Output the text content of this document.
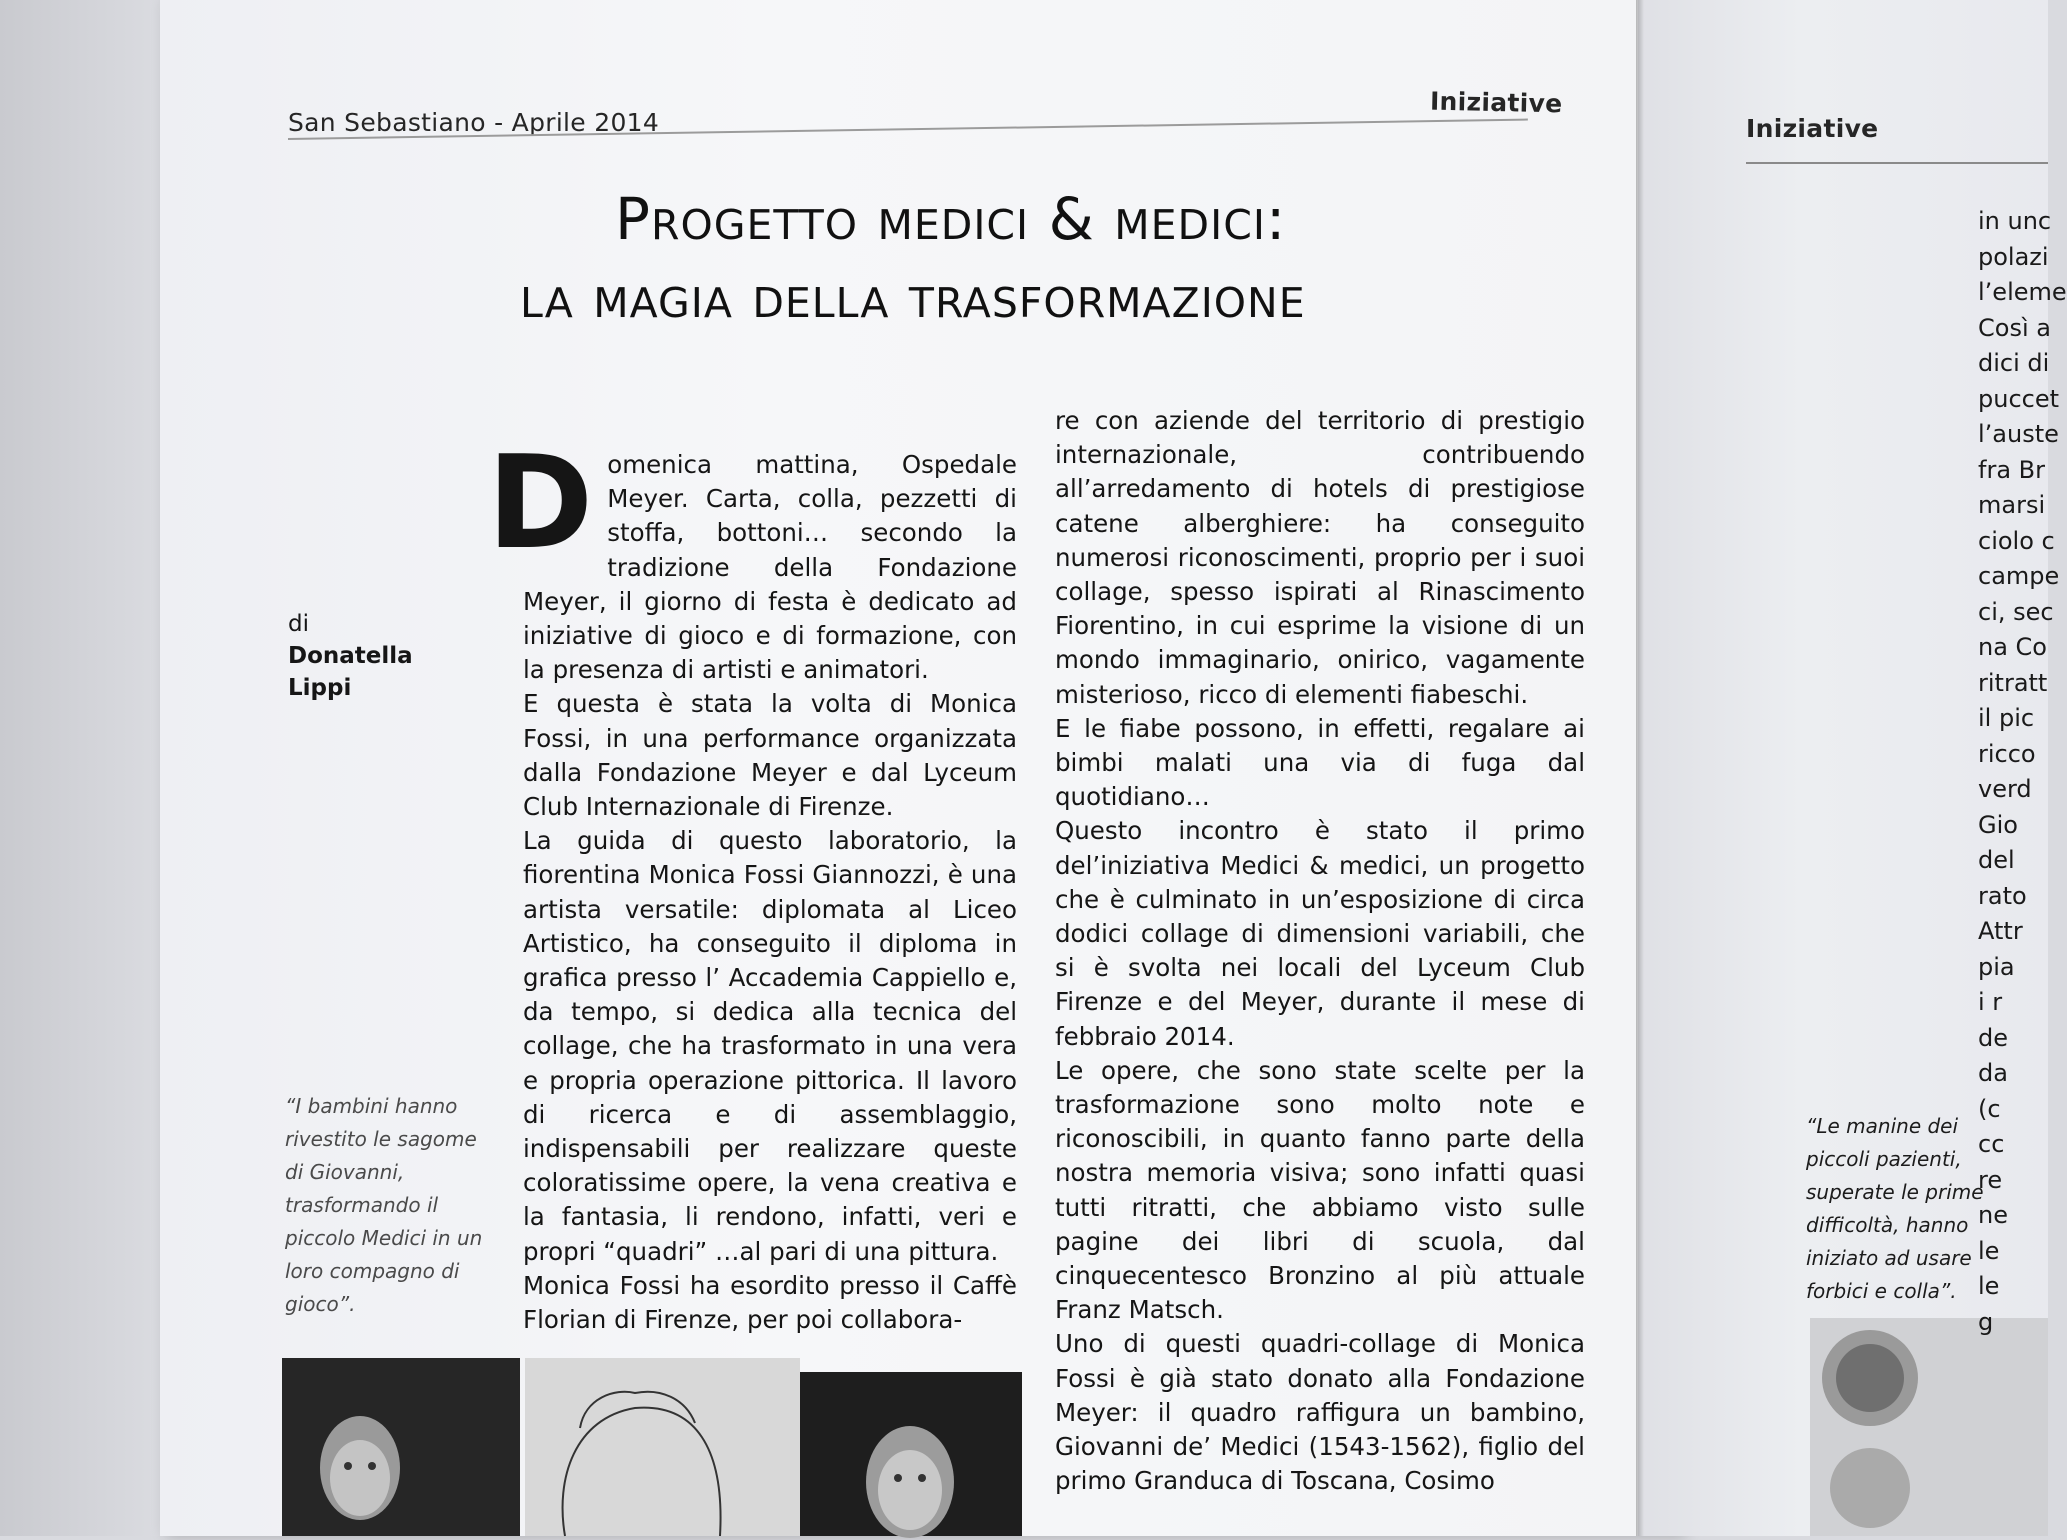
San Sebastiano - Aprile 2014
Iniziative
Iniziative
Progetto medici & medici:
la magia della trasformazione
di
Donatella
Lippi
D omenica mattina, Ospedale Meyer. Carta, colla, pezzetti di stoffa, bottoni… secondo la tradizione della Fondazione Meyer, il giorno di festa è dedicato ad iniziative di gioco e di formazione, con la presenza di artisti e animatori.

E questa è stata la volta di Monica Fossi, in una performance organizzata dalla Fondazione Meyer e dal Lyceum Club Internazionale di Firenze.

La guida di questo laboratorio, la fiorentina Monica Fossi Giannozzi, è una artista versatile: diplomata al Liceo Artistico, ha conseguito il diploma in grafica presso l’ Accademia Cappiello e, da tempo, si dedica alla tecnica del collage, che ha trasformato in una vera e propria operazione pittorica. Il lavoro di ricerca e di assemblaggio, indispensabili per realizzare queste coloratissime opere, la vena creativa e la fantasia, li rendono, infatti, veri e propri “quadri” …al pari di una pittura.

Monica Fossi ha esordito presso il Caffè Florian di Firenze, per poi collabora-

re con aziende del territorio di prestigio internazionale, contribuendo all’arredamento di hotels di prestigiose catene alberghiere: ha conseguito numerosi riconoscimenti, proprio per i suoi collage, spesso ispirati al Rinascimento Fiorentino, in cui esprime la visione di un mondo immaginario, onirico, vagamente misterioso, ricco di elementi fiabeschi.

E le fiabe possono, in effetti, regalare ai bimbi malati una via di fuga dal quotidiano…

Questo incontro è stato il primo del’iniziativa Medici & medici, un progetto che è culminato in un’esposizione di circa dodici collage di dimensioni variabili, che si è svolta nei locali del Lyceum Club Firenze e del Meyer, durante il mese di febbraio 2014.

Le opere, che sono state scelte per la trasformazione sono molto note e riconoscibili, in quanto fanno parte della nostra memoria visiva; sono infatti quasi tutti ritratti, che abbiamo visto sulle pagine dei libri di scuola, dal cinquecentesco Bronzino al più attuale Franz Matsch.

Uno di questi quadri-collage di Monica Fossi è già stato donato alla Fondazione Meyer: il quadro raffigura un bambino, Giovanni de’ Medici (1543-1562), figlio del primo Granduca di Toscana, Cosimo

“I bambini hanno rivestito le sagome di Giovanni, trasformando il piccolo Medici in un loro compagno di gioco”.
“Le manine dei piccoli pazienti, superate le prime difficoltà, hanno iniziato ad usare forbici e colla”.
in unc
polazi
l’eleme
Così a
dici di
puccet
l’auste
fra Br
marsi
ciolo c
campe
ci, sec
na Co
ritratt
il pic
ricco
verd
Gio
del
rato
Attr
pia
i r
de
da
(c
cc
re
ne
le
le
g
